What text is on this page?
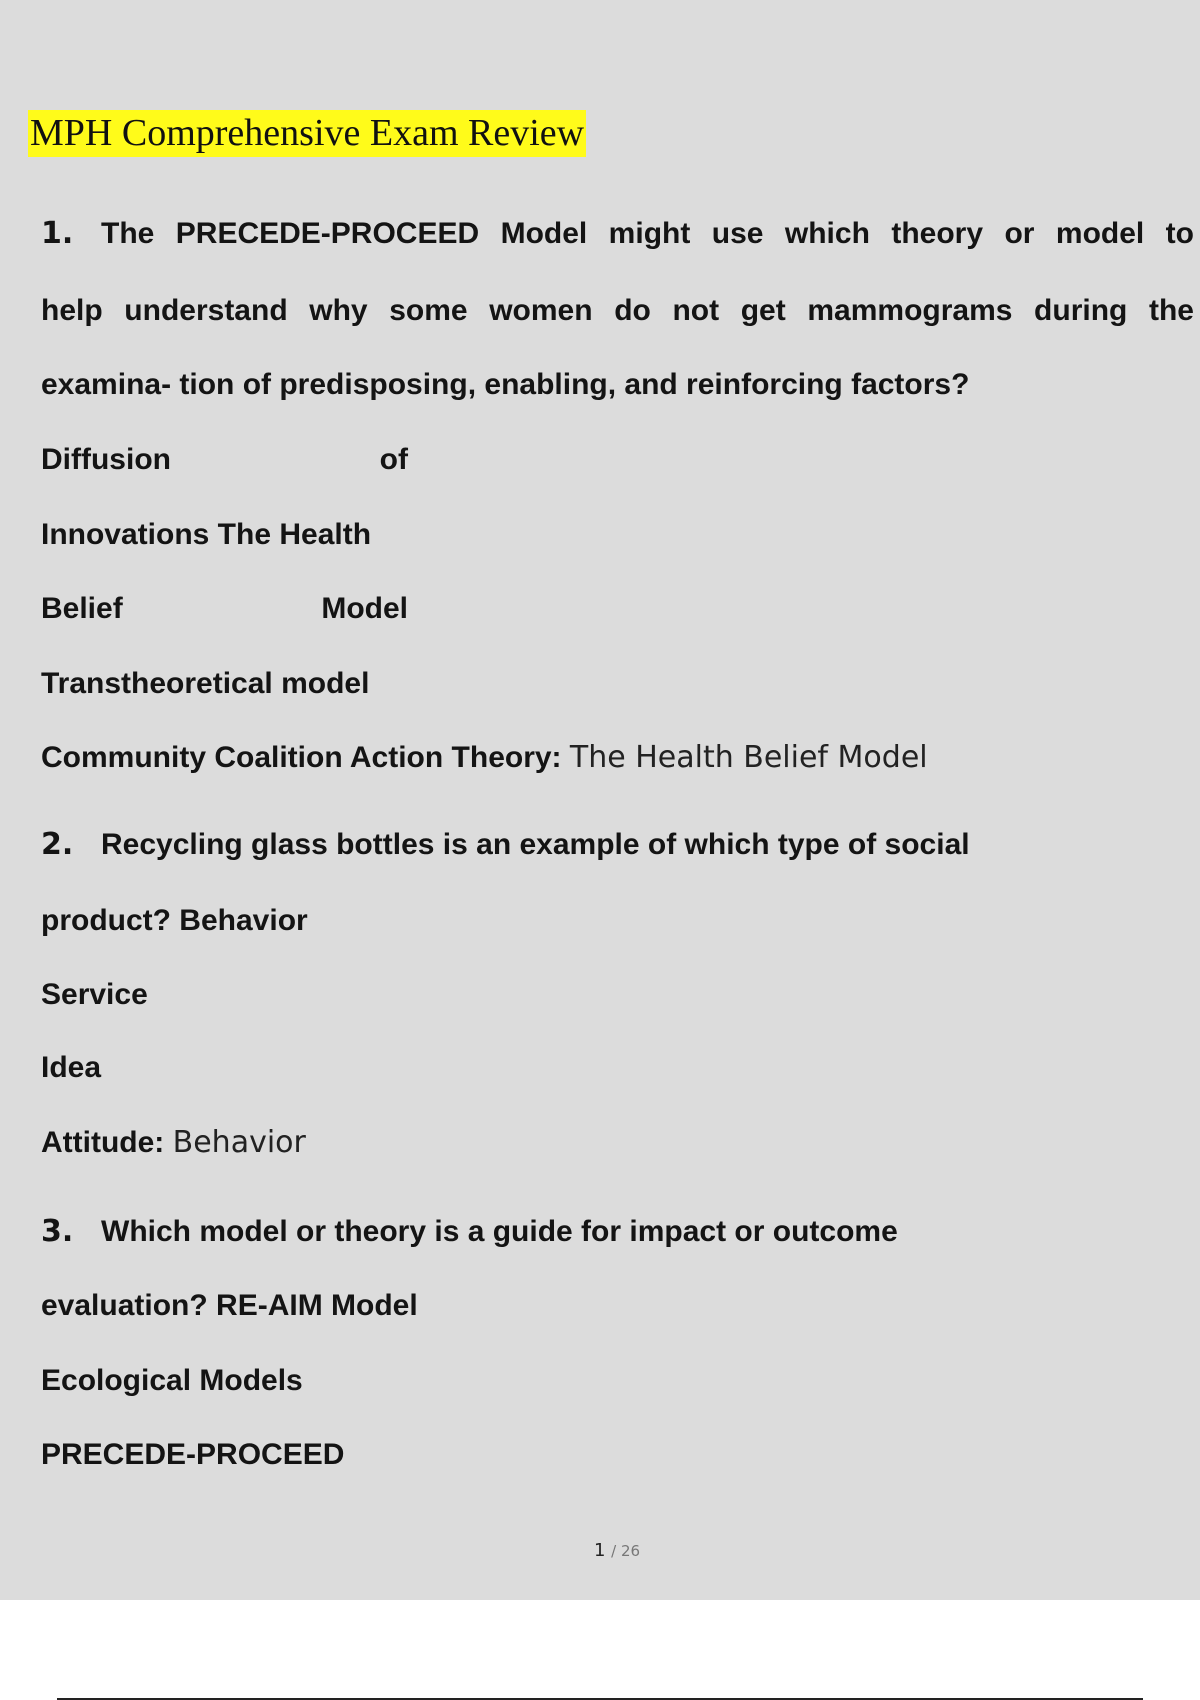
MPH Comprehensive Exam Review
1. The PRECEDE-PROCEED Model might use which theory or model to
help understand why some women do not get mammograms during the
examina- tion of predisposing, enabling, and reinforcing factors?
Diffusion	of
Innovations The Health
Belief	Model
Transtheoretical model
Community Coalition Action Theory: The Health Belief Model
2. Recycling glass bottles is an example of which type of social
product? Behavior
Service
Idea
Attitude: Behavior
3. Which model or theory is a guide for impact or outcome
evaluation? RE-AIM Model
Ecological Models
PRECEDE-PROCEED
1 / 26
